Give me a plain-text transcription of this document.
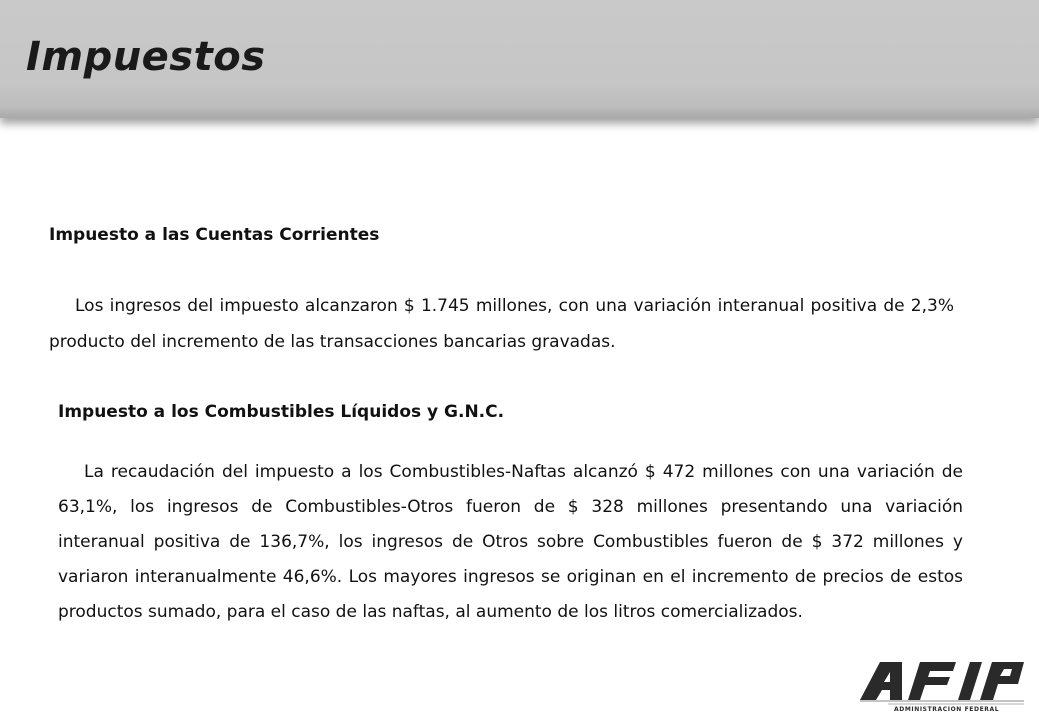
Impuestos
Impuesto a las Cuentas Corrientes

Los ingresos del impuesto alcanzaron $ 1.745 millones, con una variación interanual positiva de 2,3% producto del incremento de las transacciones bancarias gravadas.

Impuesto a los Combustibles Líquidos y G.N.C.

La recaudación del impuesto a los Combustibles-Naftas alcanzó $ 472 millones con una variación de 63,1%, los ingresos de Combustibles-Otros fueron de $ 328 millones presentando una variación interanual positiva de 136,7%, los ingresos de Otros sobre Combustibles fueron de $ 372 millones y variaron interanualmente 46,6%. Los mayores ingresos se originan en el incremento de precios de estos productos sumado, para el caso de las naftas, al aumento de los litros comercializados.

ADMINISTRACION FEDERAL
